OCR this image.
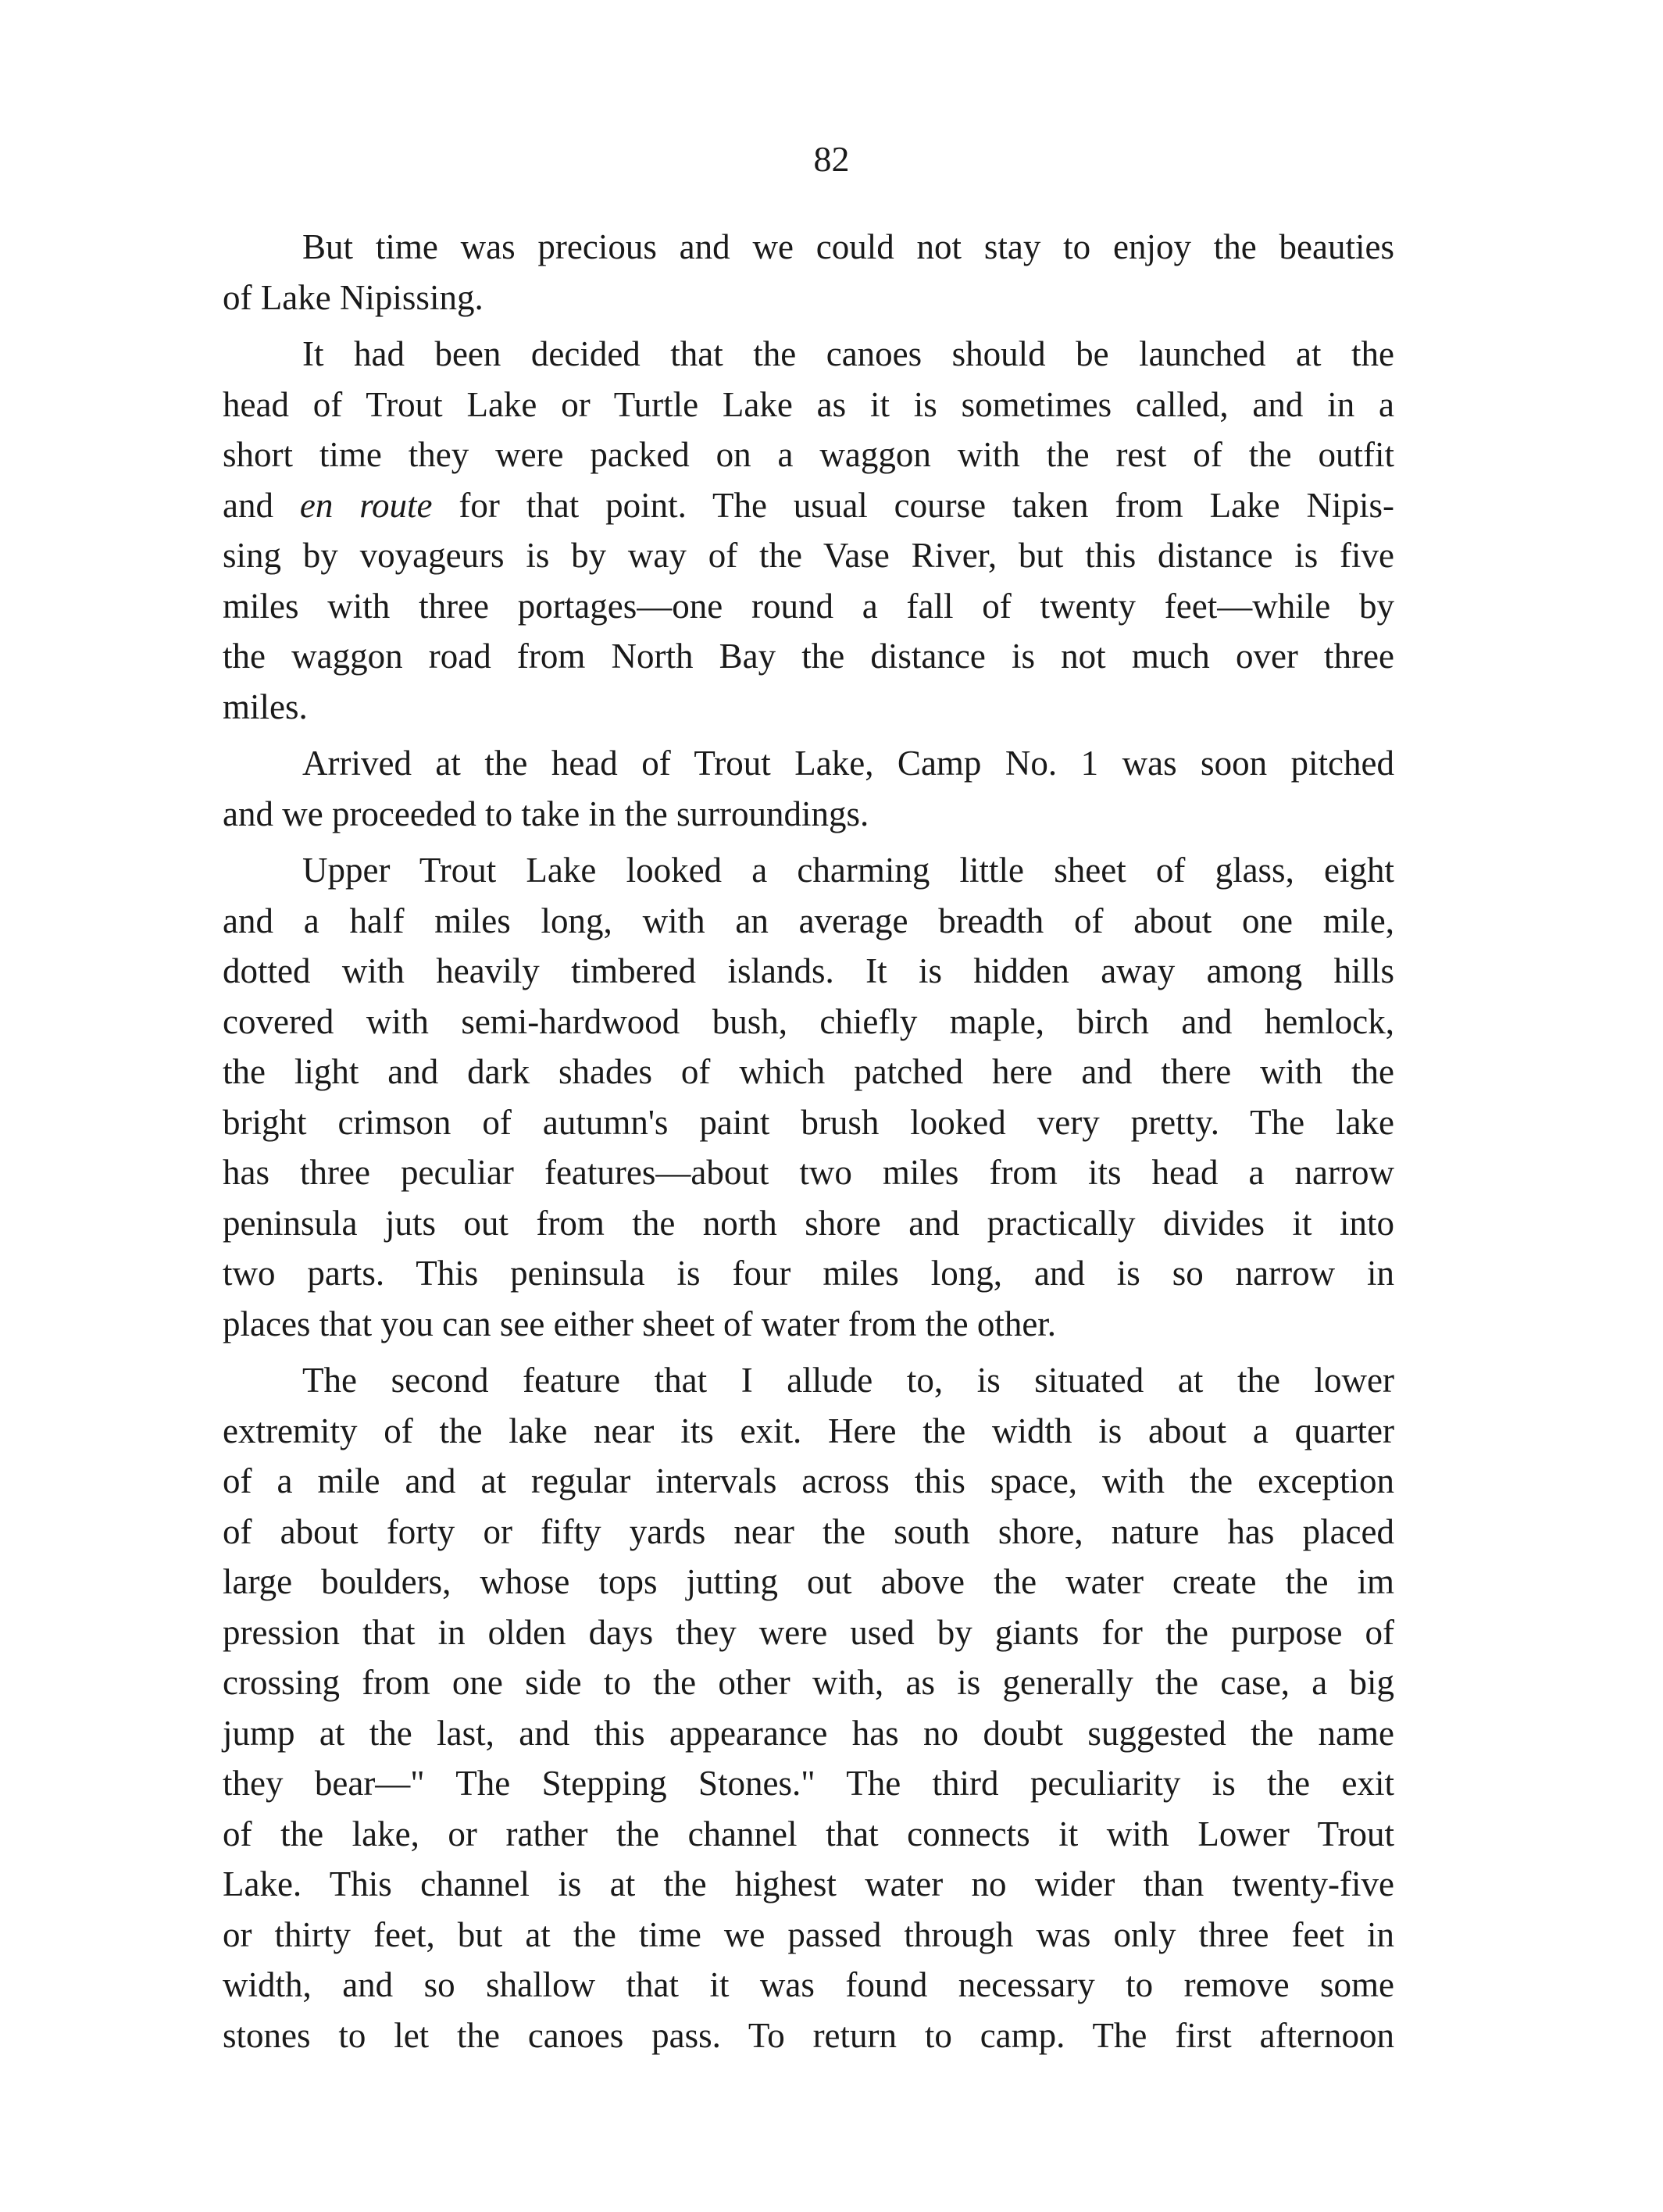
82
But time was precious and we could not stay to enjoy the beauties
of Lake Nipissing.
It had been decided that the canoes should be launched at the
head of Trout Lake or Turtle Lake as it is sometimes called, and in a
short time they were packed on a waggon with the rest of the outfit
and en route for that point. The usual course taken from Lake Nipis-
sing by voyageurs is by way of the Vase River, but this distance is five
miles with three portages—one round a fall of twenty feet—while by
the waggon road from North Bay the distance is not much over three
miles.
Arrived at the head of Trout Lake, Camp No. 1 was soon pitched
and we proceeded to take in the surroundings.
Upper Trout Lake looked a charming little sheet of glass, eight
and a half miles long, with an average breadth of about one mile,
dotted with heavily timbered islands. It is hidden away among hills
covered with semi-hardwood bush, chiefly maple, birch and hemlock,
the light and dark shades of which patched here and there with the
bright crimson of autumn's paint brush looked very pretty. The lake
has three peculiar features—about two miles from its head a narrow
peninsula juts out from the north shore and practically divides it into
two parts. This peninsula is four miles long, and is so narrow in
places that you can see either sheet of water from the other.
The second feature that I allude to, is situated at the lower
extremity of the lake near its exit. Here the width is about a quarter
of a mile and at regular intervals across this space, with the exception
of about forty or fifty yards near the south shore, nature has placed
large boulders, whose tops jutting out above the water create the im
pression that in olden days they were used by giants for the purpose of
crossing from one side to the other with, as is generally the case, a big
jump at the last, and this appearance has no doubt suggested the name
they bear—" The Stepping Stones." The third peculiarity is the exit
of the lake, or rather the channel that connects it with Lower Trout
Lake. This channel is at the highest water no wider than twenty-five
or thirty feet, but at the time we passed through was only three feet in
width, and so shallow that it was found necessary to remove some
stones to let the canoes pass. To return to camp. The first afternoon
